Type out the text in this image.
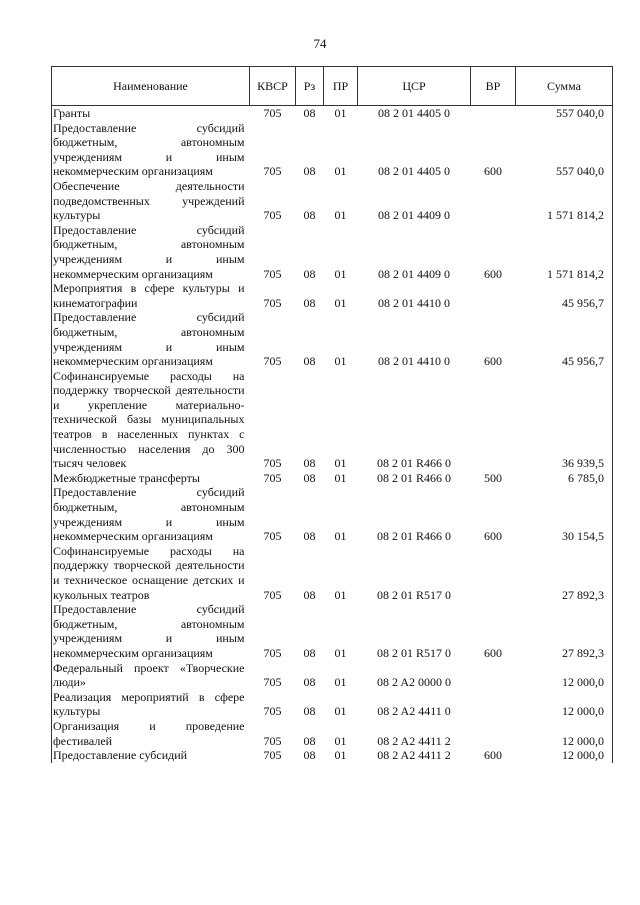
74
Наименование	КВСР	Рз	ПР	ЦСР	ВР	Сумма
Гранты	705	08	01	08 2 01 4405 0		557 040,0
Предоставление субсидий бюджетным, автономным учреждениям и иным некоммерческим организациям	705	08	01	08 2 01 4405 0	600	557 040,0
Обеспечение деятельности подведомственных учреждений культуры	705	08	01	08 2 01 4409 0		1 571 814,2
Предоставление субсидий бюджетным, автономным учреждениям и иным некоммерческим организациям	705	08	01	08 2 01 4409 0	600	1 571 814,2
Мероприятия в сфере культуры и кинематографии	705	08	01	08 2 01 4410 0		45 956,7
Предоставление субсидий бюджетным, автономным учреждениям и иным некоммерческим организациям	705	08	01	08 2 01 4410 0	600	45 956,7
Софинансируемые расходы на поддержку творческой деятельности и укрепление материально-технической базы муниципальных театров в населенных пунктах с численностью населения до 300 тысяч человек	705	08	01	08 2 01 R466 0		36 939,5
Межбюджетные трансферты	705	08	01	08 2 01 R466 0	500	6 785,0
Предоставление субсидий бюджетным, автономным учреждениям и иным некоммерческим организациям	705	08	01	08 2 01 R466 0	600	30 154,5
Софинансируемые расходы на поддержку творческой деятельности и техническое оснащение детских и кукольных театров	705	08	01	08 2 01 R517 0		27 892,3
Предоставление субсидий бюджетным, автономным учреждениям и иным некоммерческим организациям	705	08	01	08 2 01 R517 0	600	27 892,3
Федеральный проект «Творческие люди»	705	08	01	08 2 A2 0000 0		12 000,0
Реализация мероприятий в сфере культуры	705	08	01	08 2 A2 4411 0		12 000,0
Организация и проведение фестивалей	705	08	01	08 2 A2 4411 2		12 000,0
Предоставление субсидий	705	08	01	08 2 A2 4411 2	600	12 000,0
